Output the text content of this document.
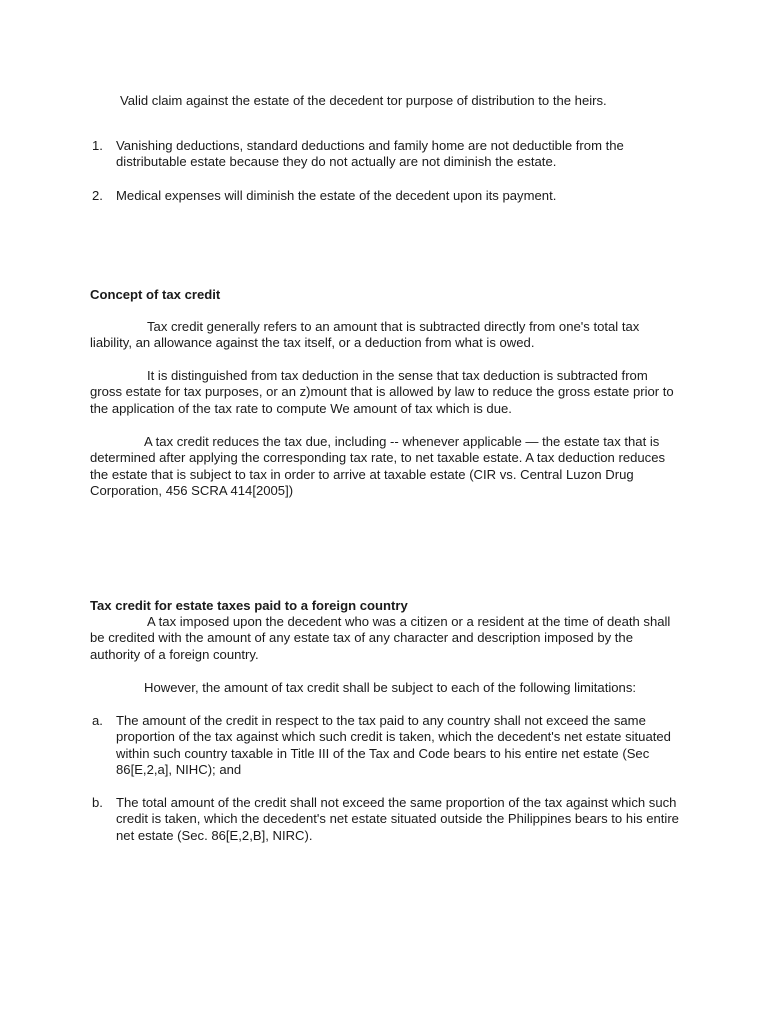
Valid claim against the estate of the decedent tor purpose of distribution to the heirs.

1. Vanishing deductions, standard deductions and family home are not deductible from the distributable estate because they do not actually are not diminish the estate.
2. Medical expenses will diminish the estate of the decedent upon its payment.

Concept of tax credit

Tax credit generally refers to an amount that is subtracted directly from one's total tax liability, an allowance against the tax itself, or a deduction from what is owed.

It is distinguished from tax deduction in the sense that tax deduction is subtracted from gross estate for tax purposes, or an z)mount that is allowed by law to reduce the gross estate prior to the application of the tax rate to compute We amount of tax which is due.

A tax credit reduces the tax due, including -- whenever applicable — the estate tax that is determined after applying the corresponding tax rate, to net taxable estate. A tax deduction reduces the estate that is subject to tax in order to arrive at taxable estate (CIR vs. Central Luzon Drug Corporation, 456 SCRA 414[2005])

Tax credit for estate taxes paid to a foreign country

A tax imposed upon the decedent who was a citizen or a resident at the time of death shall be credited with the amount of any estate tax of any character and description imposed by the authority of a foreign country.

However, the amount of tax credit shall be subject to each of the following limitations:

a. The amount of the credit in respect to the tax paid to any country shall not exceed the same proportion of the tax against which such credit is taken, which the decedent's net estate situated within such country taxable in Title III of the Tax and Code bears to his entire net estate (Sec 86[E,2,a], NIHC); and
b. The total amount of the credit shall not exceed the same proportion of the tax against which such credit is taken, which the decedent's net estate situated outside the Philippines bears to his entire net estate (Sec. 86[E,2,B], NIRC).
